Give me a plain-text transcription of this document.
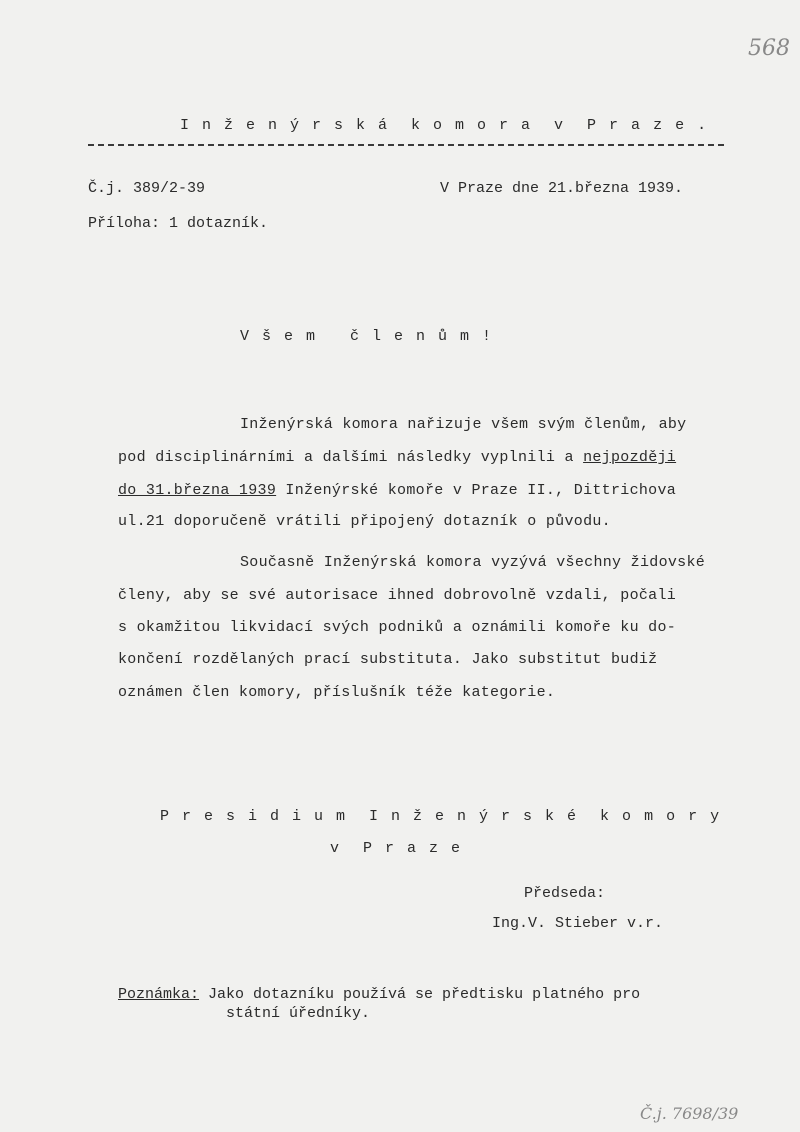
568
I n ž e n ý r s k á  k o m o r a  v  P r a z e .
Č.j. 389/2-39	V Praze dne 21.března 1939.
Příloha: 1 dotazník.
V š e m   č l e n ů m !
Inženýrská komora nařizuje všem svým členům, aby
pod disciplinárními a dalšími následky vyplnili a nejpozději
do 31.března 1939 Inženýrské komoře v Praze II., Dittrichova
ul.21 doporučeně vrátili připojený dotazník o původu.
Současně Inženýrská komora vyzývá všechny židovské
členy, aby se své autorisace ihned dobrovolně vzdali, počali
s okamžitou likvidací svých podniků a oznámili komoře ku do-
končení rozdělaných prací substituta. Jako substitut budiž
oznámen člen komory, příslušník téže kategorie.
P r e s i d i u m  I n ž e n ý r s k é  k o m o r y
v  P r a z e
Předseda:
Ing.V. Stieber v.r.
Poznámka: Jako dotazníku používá se předtisku platného pro
státní úředníky.
Č.j. 7698/39
